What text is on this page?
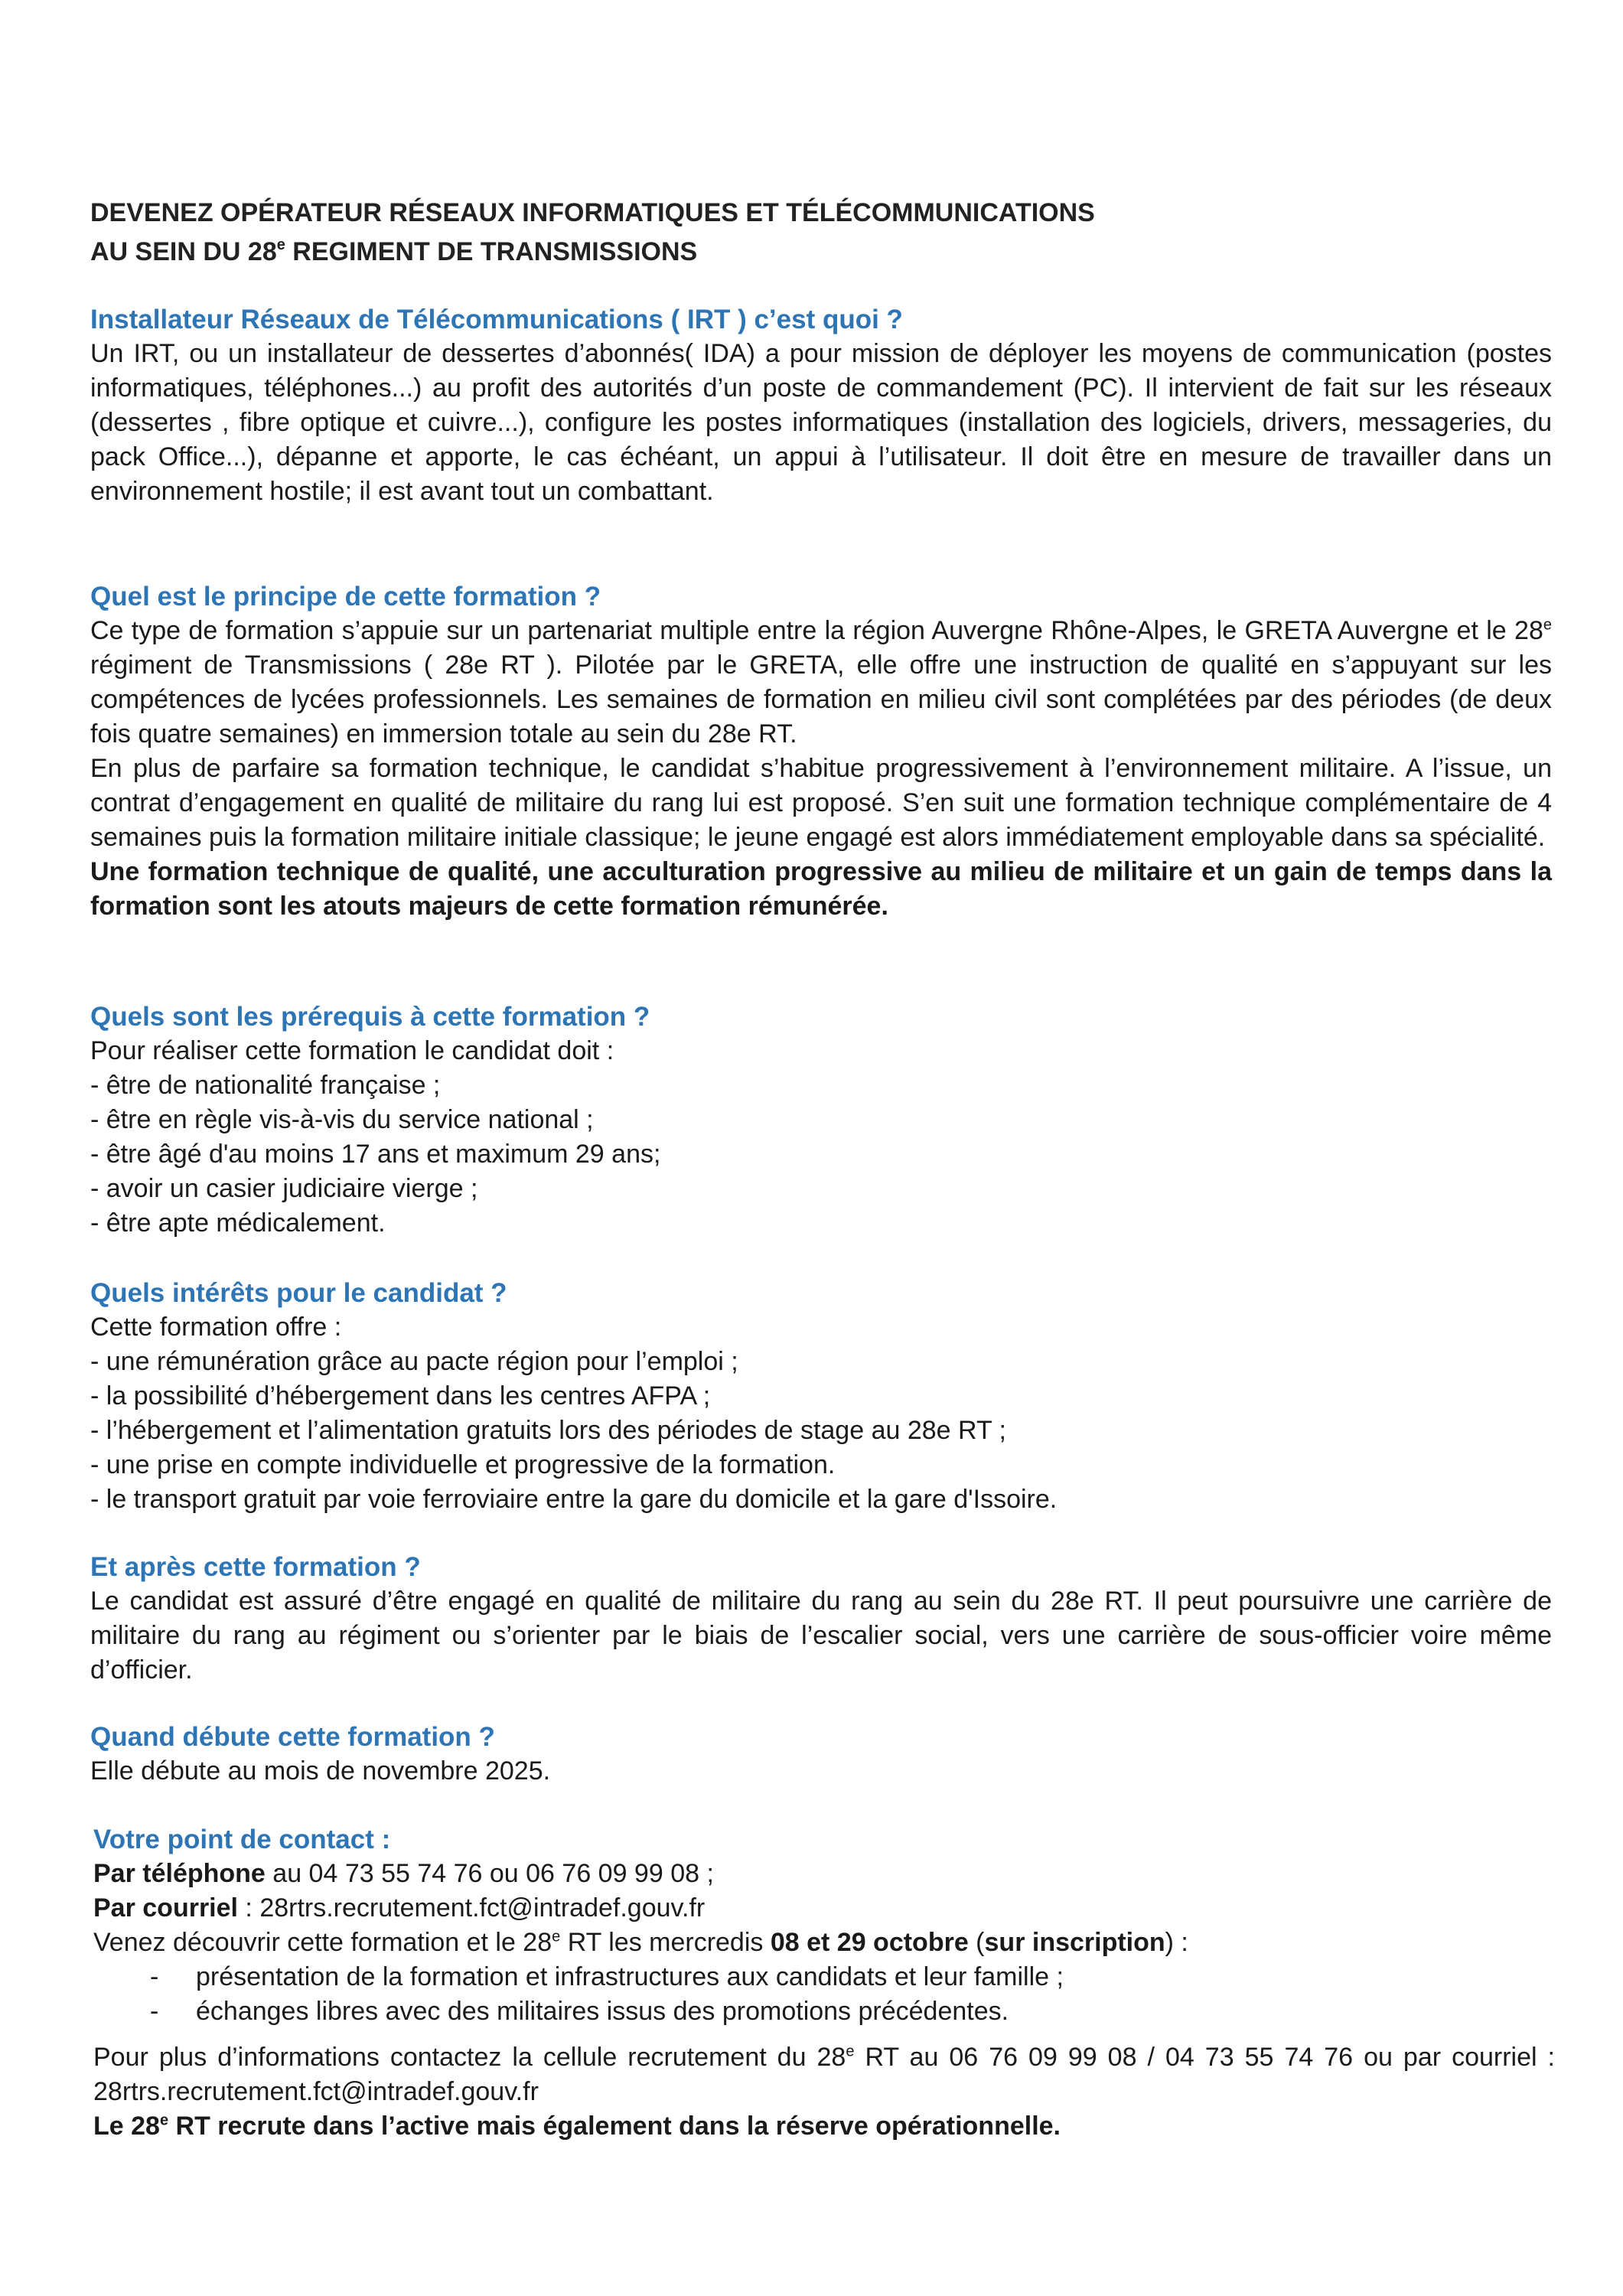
DEVENEZ OPÉRATEUR RÉSEAUX INFORMATIQUES ET TÉLÉCOMMUNICATIONS
AU SEIN DU 28e REGIMENT DE TRANSMISSIONS
Installateur Réseaux de Télécommunications ( IRT ) c’est quoi ?
Un IRT, ou un installateur de dessertes d’abonnés( IDA) a pour mission de déployer les moyens de communication (postes informatiques, téléphones...) au profit des autorités d’un poste de commandement (PC). Il intervient de fait sur les réseaux (dessertes , fibre optique et cuivre...), configure les postes informatiques (installation des logiciels, drivers, messageries, du pack Office...), dépanne et apporte, le cas échéant, un appui à l’utilisateur. Il doit être en mesure de travailler dans un environnement hostile; il est avant tout un combattant.
Quel est le principe de cette formation ?
Ce type de formation s’appuie sur un partenariat multiple entre la région Auvergne Rhône-Alpes, le GRETA Auvergne et le 28e régiment de Transmissions ( 28e RT ). Pilotée par le GRETA, elle offre une instruction de qualité en s’appuyant sur les compétences de lycées professionnels. Les semaines de formation en milieu civil sont complétées par des périodes (de deux fois quatre semaines) en immersion totale au sein du 28e RT.
En plus de parfaire sa formation technique, le candidat s’habitue progressivement à l’environnement militaire. A l’issue, un contrat d’engagement en qualité de militaire du rang lui est proposé. S’en suit une formation technique complémentaire de 4 semaines puis la formation militaire initiale classique; le jeune engagé est alors immédiatement employable dans sa spécialité.
Une formation technique de qualité, une acculturation progressive au milieu de militaire et un gain de temps dans la formation sont les atouts majeurs de cette formation rémunérée.
Quels sont les prérequis à cette formation ?
Pour réaliser cette formation le candidat doit :
- être de nationalité française ;
- être en règle vis-à-vis du service national ;
- être âgé d'au moins 17 ans et maximum 29 ans;
- avoir un casier judiciaire vierge ;
- être apte médicalement.
Quels intérêts pour le candidat ?
Cette formation offre :
- une rémunération grâce au pacte région pour l’emploi ;
- la possibilité d’hébergement dans les centres AFPA ;
- l’hébergement et l’alimentation gratuits lors des périodes de stage au 28e RT ;
- une prise en compte individuelle et progressive de la formation.
- le transport gratuit par voie ferroviaire entre la gare du domicile et la gare d'Issoire.
Et après cette formation ?
Le candidat est assuré d’être engagé en qualité de militaire du rang au sein du 28e RT. Il peut poursuivre une carrière de militaire du rang au régiment ou s’orienter par le biais de l’escalier social, vers une carrière de sous-officier voire même d’officier.
Quand débute cette formation ?
Elle débute au mois de novembre 2025.
Votre point de contact :
Par téléphone au 04 73 55 74 76 ou 06 76 09 99 08 ;
Par courriel : 28rtrs.recrutement.fct@intradef.gouv.fr
Venez découvrir cette formation et le 28e RT les mercredis 08 et 29 octobre (sur inscription) :
- présentation de la formation et infrastructures aux candidats et leur famille ;
- échanges libres avec des militaires issus des promotions précédentes.
Pour plus d’informations contactez la cellule recrutement du 28e RT au 06 76 09 99 08 / 04 73 55 74 76 ou par courriel : 28rtrs.recrutement.fct@intradef.gouv.fr
Le 28e RT recrute dans l’active mais également dans la réserve opérationnelle.
